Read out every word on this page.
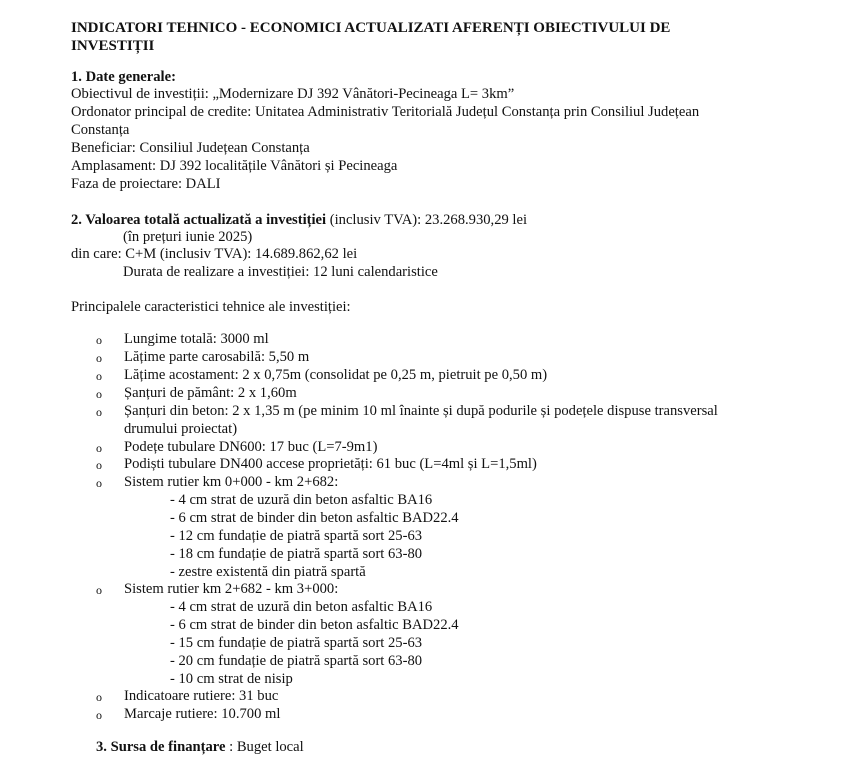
INDICATORI TEHNICO - ECONOMICI ACTUALIZATI AFERENȚI OBIECTIVULUI DE
INVESTIȚII
1. Date generale:
Obiectivul de investiții: „Modernizare DJ 392 Vânători-Pecineaga L= 3km”
Ordonator principal de credite: Unitatea Administrativ Teritorială Județul Constanța prin Consiliul Județean
Constanța
Beneficiar: Consiliul Județean Constanța
Amplasament: DJ 392 localitățile Vânători și Pecineaga
Faza de proiectare: DALI
2. Valoarea totală actualizată a investiției (inclusiv TVA): 23.268.930,29 lei
(în prețuri iunie 2025)
din care: C+M (inclusiv TVA): 14.689.862,62 lei
Durata de realizare a investiției: 12 luni calendaristice
Principalele caracteristici tehnice ale investiției:
o Lungime totală: 3000 ml
o Lățime parte carosabilă: 5,50 m
o Lățime acostament: 2 x 0,75m (consolidat pe 0,25 m, pietruit pe 0,50 m)
o Șanțuri de pământ: 2 x 1,60m
o Șanțuri din beton: 2 x 1,35 m (pe minim 10 ml înainte și după podurile și podețele dispuse transversal
drumului proiectat)
o Podețe tubulare DN600: 17 buc (L=7-9m1)
o Podiști tubulare DN400 accese proprietăți: 61 buc (L=4ml și L=1,5ml)
o Sistem rutier km 0+000 - km 2+682:
- 4 cm strat de uzură din beton asfaltic BA16
- 6 cm strat de binder din beton asfaltic BAD22.4
- 12 cm fundație de piatră spartă sort 25-63
- 18 cm fundație de piatră spartă sort 63-80
- zestre existentă din piatră spartă
o Sistem rutier km 2+682 - km 3+000:
- 4 cm strat de uzură din beton asfaltic BA16
- 6 cm strat de binder din beton asfaltic BAD22.4
- 15 cm fundație de piatră spartă sort 25-63
- 20 cm fundație de piatră spartă sort 63-80
- 10 cm strat de nisip
o Indicatoare rutiere: 31 buc
o Marcaje rutiere: 10.700 ml
3. Sursa de finanțare : Buget local
